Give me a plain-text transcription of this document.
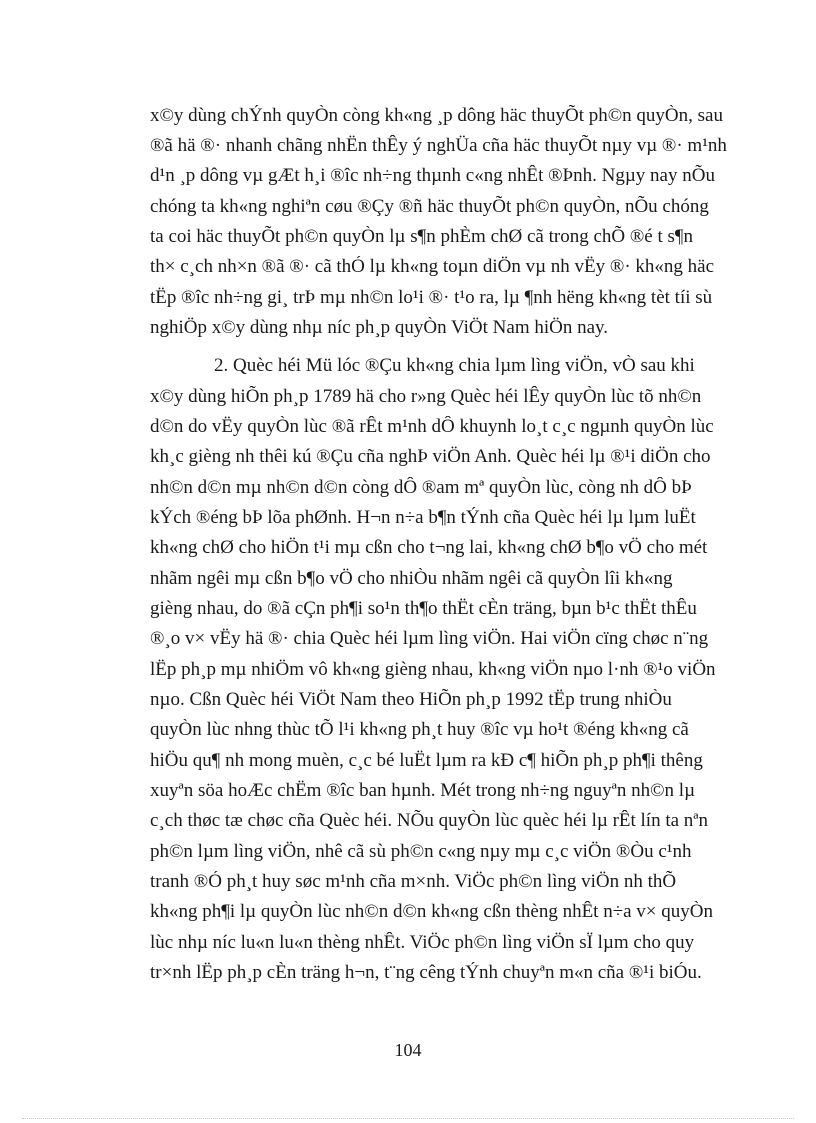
x©y dùng chÝnh quyÒn còng kh«ng ¸p dông häc thuyÕt ph©n quyÒn, sau
®ã hä ®· nhanh chãng nhËn thÊy ý nghÜa cña häc thuyÕt nµy vµ ®· m¹nh
d¹n ¸p dông vµ gÆt h¸i ®îc nh÷ng thµnh c«ng nhÊt ®Þnh. Ngµy nay nÕu
chóng ta kh«ng nghiªn cøu ®Çy ®ñ häc thuyÕt ph©n quyÒn, nÕu chóng
ta coi häc thuyÕt ph©n quyÒn lµ s¶n phÈm chØ cã trong chÕ ®é t s¶n
th× c¸ch nh×n ®ã ®· cã thÓ lµ kh«ng toµn diÖn vµ nh vËy ®· kh«ng häc
tËp ®îc nh÷ng gi¸ trÞ mµ nh©n lo¹i ®· t¹o ra, lµ ¶nh hëng kh«ng tèt tíi sù
nghiÖp x©y dùng nhµ níc ph¸p quyÒn ViÖt Nam hiÖn nay.
2. Quèc héi Mü lóc ®Çu kh«ng chia lµm lìng viÖn, vÒ sau khi
x©y dùng hiÕn ph¸p 1789 hä cho r»ng Quèc héi lÊy quyÒn lùc tõ nh©n
d©n do vËy quyÒn lùc ®ã rÊt m¹nh dÔ khuynh lo¸t c¸c ngµnh quyÒn lùc
kh¸c gièng nh thêi kú ®Çu cña nghÞ viÖn Anh. Quèc héi lµ ®¹i diÖn cho
nh©n d©n mµ nh©n d©n còng dÔ ®am mª quyÒn lùc, còng nh dÔ bÞ
kÝch ®éng bÞ lõa phØnh. H¬n n÷a b¶n tÝnh cña Quèc héi lµ lµm luËt
kh«ng chØ cho hiÖn t¹i mµ cßn cho t¬ng lai, kh«ng chØ b¶o vÖ cho mét
nhãm ngêi mµ cßn b¶o vÖ cho nhiÒu nhãm ngêi cã quyÒn lîi kh«ng
gièng nhau, do ®ã cÇn ph¶i so¹n th¶o thËt cÈn träng, bµn b¹c thËt thÊu
®¸o v× vËy hä ®· chia Quèc héi lµm lìng viÖn. Hai viÖn cïng chøc n¨ng
lËp ph¸p mµ nhiÖm vô kh«ng gièng nhau, kh«ng viÖn nµo l·nh ®¹o viÖn
nµo. Cßn Quèc héi ViÖt Nam theo HiÕn ph¸p 1992 tËp trung nhiÒu
quyÒn lùc nhng thùc tÕ l¹i kh«ng ph¸t huy ®îc vµ ho¹t ®éng kh«ng cã
hiÖu qu¶ nh mong muèn, c¸c bé luËt lµm ra kÐ c¶ hiÕn ph¸p ph¶i thêng
xuyªn söa hoÆc chËm ®îc ban hµnh. Mét trong nh÷ng nguyªn nh©n lµ
c¸ch thøc tæ chøc cña Quèc héi. NÕu quyÒn lùc quèc héi lµ rÊt lín ta nªn
ph©n lµm lìng viÖn, nhê cã sù ph©n c«ng nµy mµ c¸c viÖn ®Òu c¹nh
tranh ®Ó ph¸t huy søc m¹nh cña m×nh. ViÖc ph©n lìng viÖn nh thÕ
kh«ng ph¶i lµ quyÒn lùc nh©n d©n kh«ng cßn thèng nhÊt n÷a v× quyÒn
lùc nhµ níc lu«n lu«n thèng nhÊt. ViÖc ph©n lìng viÖn sÏ lµm cho quy
tr×nh lËp ph¸p cÈn träng h¬n, t¨ng cêng tÝnh chuyªn m«n cña ®¹i biÓu.
104
